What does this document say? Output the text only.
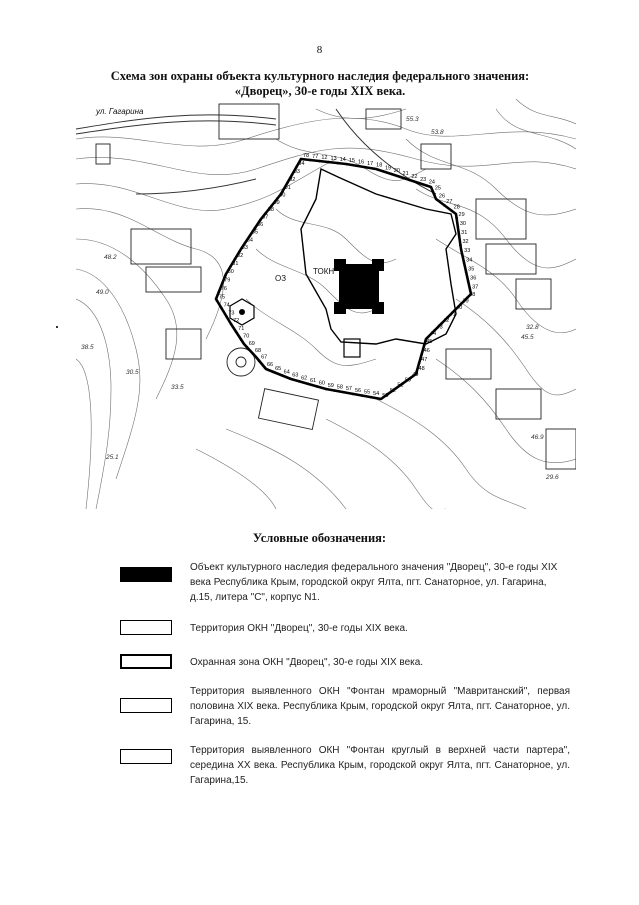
8
Схема зон охраны объекта культурного наследия федерального значения:
«Дворец», 30-е годы XIX века.
ул. Гагарина
ТОКН
ОЗ
55.3
48.2
49.0
38.5
30.5
33.5
46.9
32.8
53.8
45.5
29.6
25.1
78 77 12 13 14 15 16 17 18 19 20 21 22 23 24
25
26
27
28
29
30
31
32
33
34
35
36
37
38
39
40
41
42
43
44
45
46
47
48
49
50
51
52
53
54
55
56
57
58
59
60
61
62
63
64
65
66
67
68
69
70
71
72
73
74
75
76
79
80
81
82
83
84
85
86
87
88
89
90
91
92
93
94
Условные обозначения:
Объект культурного наследия федерального значения "Дворец", 30-е годы XIX века Республика Крым, городской округ Ялта, пгт. Санаторное, ул. Гагарина, д.15, литера "С", корпус N1.
Территория ОКН "Дворец", 30-е годы XIX века.
Охранная зона ОКН "Дворец", 30-е годы XIX века.
Территория выявленного ОКН "Фонтан мраморный "Мавританский", первая половина XIX века. Республика Крым, городской округ Ялта, пгт. Санаторное, ул. Гагарина, 15.
Территория выявленного ОКН "Фонтан круглый в верхней части партера", середина XX века. Республика Крым, городской округ Ялта, пгт. Санаторное, ул. Гагарина,15.
